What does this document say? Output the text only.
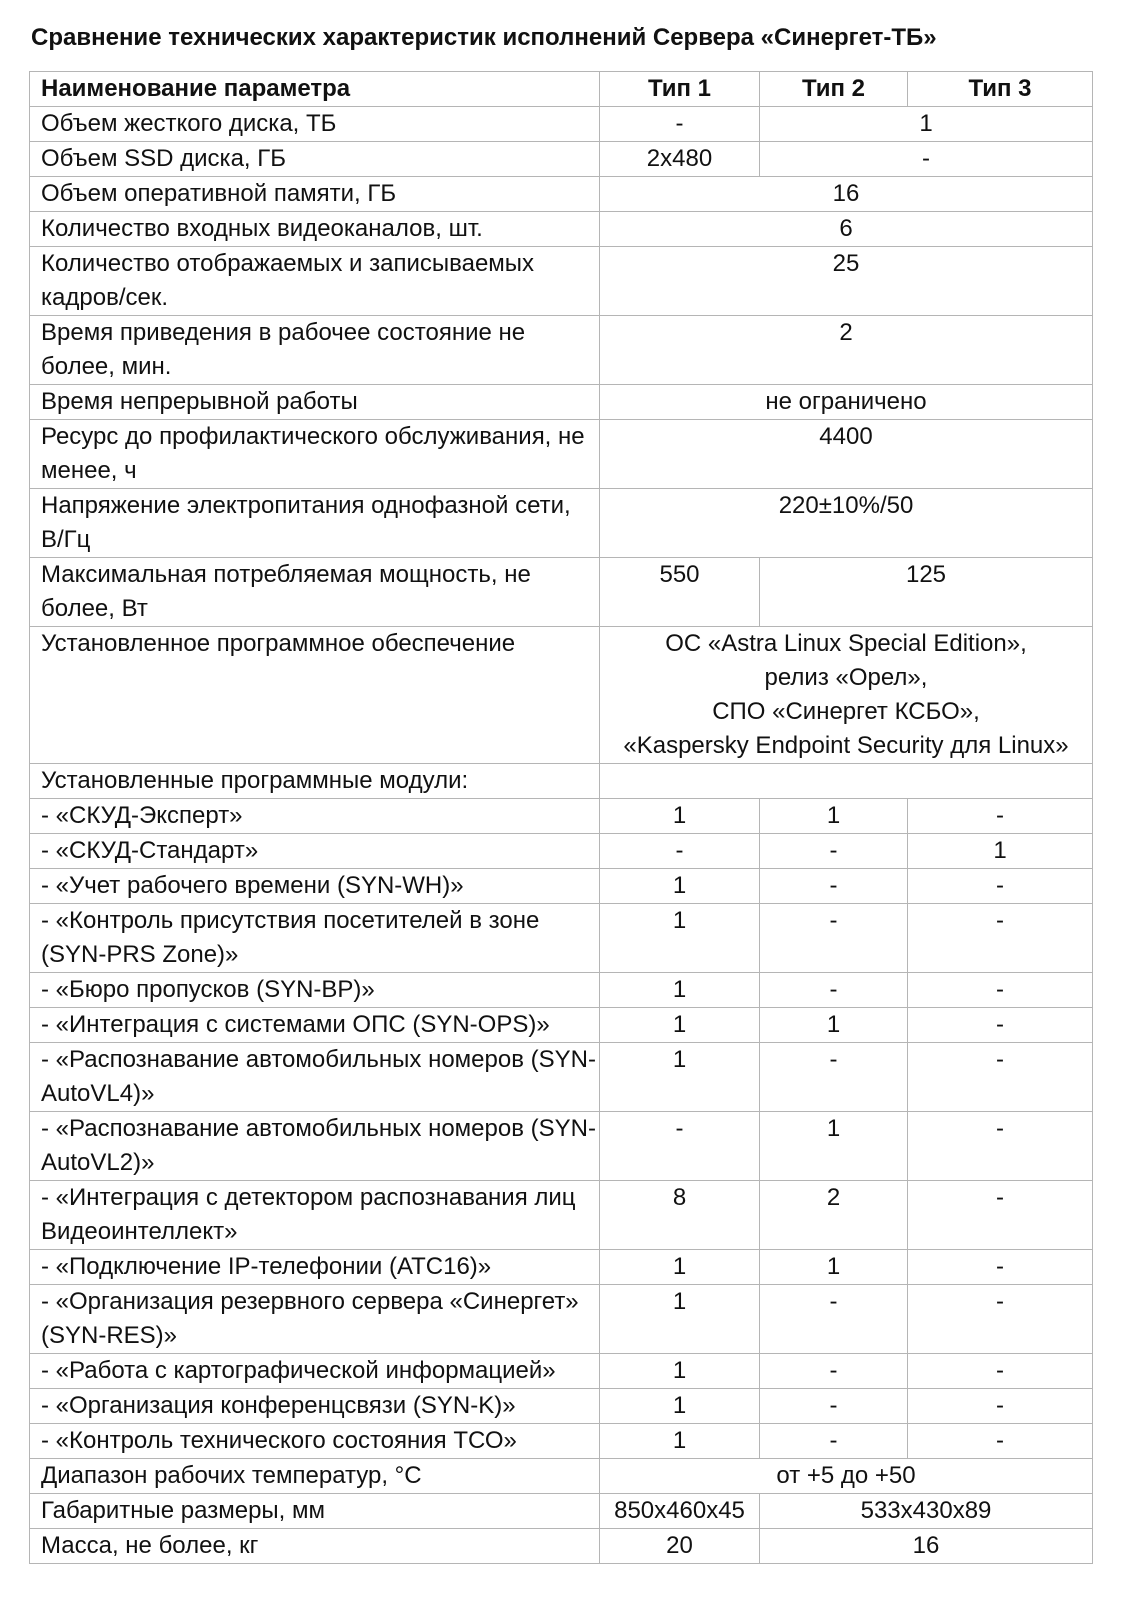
Сравнение технических характеристик исполнений Сервера «Синергет-ТБ»
Наименование параметра	Тип 1	Тип 2	Тип 3
Объем жесткого диска, ТБ	-	1	
Объем SSD диска, ГБ	2x480	-	
Объем оперативной памяти, ГБ	16		
Количество входных видеоканалов, шт.	6		
Количество отображаемых и записываемых кадров/сек.	25		
Время приведения в рабочее состояние не более, мин.	2		
Время непрерывной работы	не ограничено		
Ресурс до профилактического обслуживания, не менее, ч	4400		
Напряжение электропитания однофазной сети, В/Гц	220±10%/50		
Максимальная потребляемая мощность, не более, Вт	550	125	
Установленное программное обеспечение	ОС «Astra Linux Special Edition»,
релиз «Орел»,
СПО «Синергет КСБО»,
«Kaspersky Endpoint Security для Linux»		
Установленные программные модули:			
- «СКУД-Эксперт»	1	1	-
- «СКУД-Стандарт»	-	-	1
- «Учет рабочего времени (SYN-WH)»	1	-	-
- «Контроль присутствия посетителей в зоне (SYN-PRS Zone)»	1	-	-
- «Бюро пропусков (SYN-BP)»	1	-	-
- «Интеграция с системами ОПС (SYN-OPS)»	1	1	-
- «Распознавание автомобильных номеров (SYN-AutoVL4)»	1	-	-
- «Распознавание автомобильных номеров (SYN-AutoVL2)»	-	1	-
- «Интеграция с детектором распознавания лиц Видеоинтеллект»	8	2	-
- «Подключение IP-телефонии (АТС16)»	1	1	-
- «Организация резервного сервера «Синергет» (SYN-RES)»	1	-	-
- «Работа с картографической информацией»	1	-	-
- «Организация конференцсвязи (SYN-K)»	1	-	-
- «Контроль технического состояния ТСО»	1	-	-
Диапазон рабочих температур, °С	от +5 до +50		
Габаритные размеры, мм	850x460x45	533x430x89	
Масса, не более, кг	20	16	
